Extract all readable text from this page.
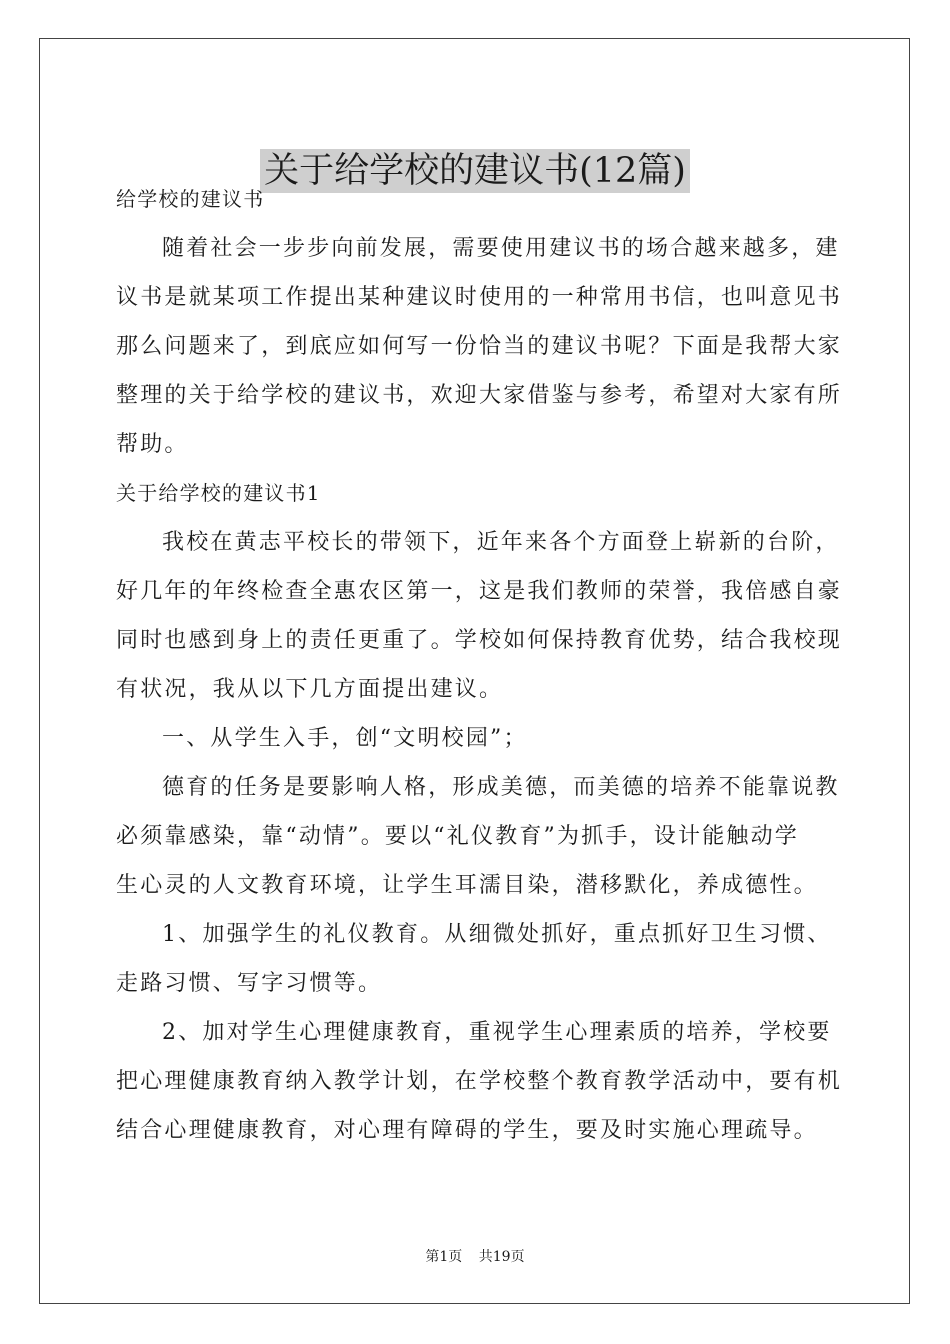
关于给学校的建议书(12篇)
给学校的建议书
随着社会一步步向前发展，需要使用建议书的场合越来越多，建
议书是就某项工作提出某种建议时使用的一种常用书信，也叫意见书
那么问题来了，到底应如何写一份恰当的建议书呢？下面是我帮大家
整理的关于给学校的建议书，欢迎大家借鉴与参考，希望对大家有所
帮助。
关于给学校的建议书1
我校在黄志平校长的带领下，近年来各个方面登上崭新的台阶，
好几年的年终检查全惠农区第一，这是我们教师的荣誉，我倍感自豪
同时也感到身上的责任更重了。学校如何保持教育优势，结合我校现
有状况，我从以下几方面提出建议。
一、从学生入手，创“文明校园”；
德育的任务是要影响人格，形成美德，而美德的培养不能靠说教
必须靠感染，靠“动情”。要以“礼仪教育”为抓手，设计能触动学
生心灵的人文教育环境，让学生耳濡目染，潜移默化，养成德性。
1、加强学生的礼仪教育。从细微处抓好，重点抓好卫生习惯、
走路习惯、写字习惯等。
2、加对学生心理健康教育，重视学生心理素质的培养，学校要
把心理健康教育纳入教学计划，在学校整个教育教学活动中，要有机
结合心理健康教育，对心理有障碍的学生，要及时实施心理疏导。
第1页 共19页
